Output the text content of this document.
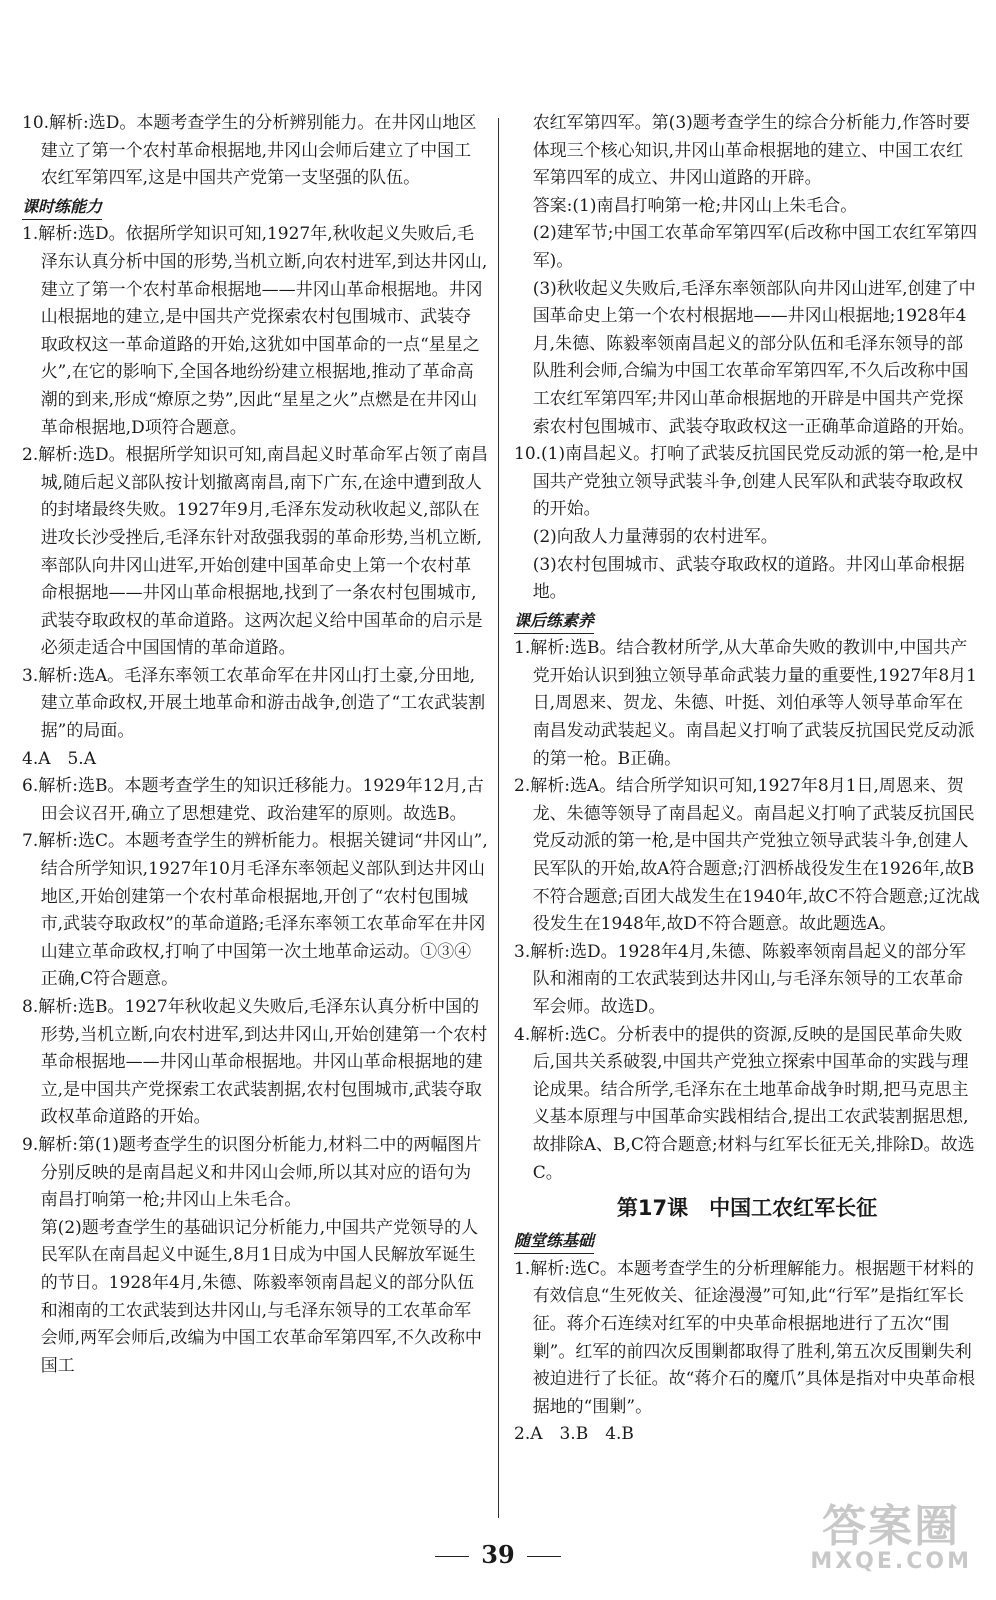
10.解析:选D。本题考查学生的分析辨别能力。在井冈山地区建立了第一个农村革命根据地,井冈山会师后建立了中国工农红军第四军,这是中国共产党第一支坚强的队伍。

课时练能力

1.解析:选D。依据所学知识可知,1927年,秋收起义失败后,毛泽东认真分析中国的形势,当机立断,向农村进军,到达井冈山,建立了第一个农村革命根据地——井冈山革命根据地。井冈山根据地的建立,是中国共产党探索农村包围城市、武装夺取政权这一革命道路的开始,这犹如中国革命的一点“星星之火”,在它的影响下,全国各地纷纷建立根据地,推动了革命高潮的到来,形成“燎原之势”,因此“星星之火”点燃是在井冈山革命根据地,D项符合题意。

2.解析:选D。根据所学知识可知,南昌起义时革命军占领了南昌城,随后起义部队按计划撤离南昌,南下广东,在途中遭到敌人的封堵最终失败。1927年9月,毛泽东发动秋收起义,部队在进攻长沙受挫后,毛泽东针对敌强我弱的革命形势,当机立断,率部队向井冈山进军,开始创建中国革命史上第一个农村革命根据地——井冈山革命根据地,找到了一条农村包围城市,武装夺取政权的革命道路。这两次起义给中国革命的启示是必须走适合中国国情的革命道路。

3.解析:选A。毛泽东率领工农革命军在井冈山打土豪,分田地,建立革命政权,开展土地革命和游击战争,创造了“工农武装割据”的局面。

4.A　5.A

6.解析:选B。本题考查学生的知识迁移能力。1929年12月,古田会议召开,确立了思想建党、政治建军的原则。故选B。

7.解析:选C。本题考查学生的辨析能力。根据关键词“井冈山”,结合所学知识,1927年10月毛泽东率领起义部队到达井冈山地区,开始创建第一个农村革命根据地,开创了“农村包围城市,武装夺取政权”的革命道路;毛泽东率领工农革命军在井冈山建立革命政权,打响了中国第一次土地革命运动。①③④正确,C符合题意。

8.解析:选B。1927年秋收起义失败后,毛泽东认真分析中国的形势,当机立断,向农村进军,到达井冈山,开始创建第一个农村革命根据地——井冈山革命根据地。井冈山革命根据地的建立,是中国共产党探索工农武装割据,农村包围城市,武装夺取政权革命道路的开始。

9.解析:第(1)题考查学生的识图分析能力,材料二中的两幅图片分别反映的是南昌起义和井冈山会师,所以其对应的语句为南昌打响第一枪;井冈山上朱毛合。

第(2)题考查学生的基础识记分析能力,中国共产党领导的人民军队在南昌起义中诞生,8月1日成为中国人民解放军诞生的节日。1928年4月,朱德、陈毅率领南昌起义的部分队伍和湘南的工农武装到达井冈山,与毛泽东领导的工农革命军会师,两军会师后,改编为中国工农革命军第四军,不久改称中国工

农红军第四军。第(3)题考查学生的综合分析能力,作答时要体现三个核心知识,井冈山革命根据地的建立、中国工农红军第四军的成立、井冈山道路的开辟。

答案:(1)南昌打响第一枪;井冈山上朱毛合。

(2)建军节;中国工农革命军第四军(后改称中国工农红军第四军)。

(3)秋收起义失败后,毛泽东率领部队向井冈山进军,创建了中国革命史上第一个农村根据地——井冈山根据地;1928年4月,朱德、陈毅率领南昌起义的部分队伍和毛泽东领导的部队胜利会师,合编为中国工农革命军第四军,不久后改称中国工农红军第四军;井冈山革命根据地的开辟是中国共产党探索农村包围城市、武装夺取政权这一正确革命道路的开始。

10.(1)南昌起义。打响了武装反抗国民党反动派的第一枪,是中国共产党独立领导武装斗争,创建人民军队和武装夺取政权的开始。

(2)向敌人力量薄弱的农村进军。

(3)农村包围城市、武装夺取政权的道路。井冈山革命根据地。

课后练素养

1.解析:选B。结合教材所学,从大革命失败的教训中,中国共产党开始认识到独立领导革命武装力量的重要性,1927年8月1日,周恩来、贺龙、朱德、叶挺、刘伯承等人领导革命军在南昌发动武装起义。南昌起义打响了武装反抗国民党反动派的第一枪。B正确。

2.解析:选A。结合所学知识可知,1927年8月1日,周恩来、贺龙、朱德等领导了南昌起义。南昌起义打响了武装反抗国民党反动派的第一枪,是中国共产党独立领导武装斗争,创建人民军队的开始,故A符合题意;汀泗桥战役发生在1926年,故B不符合题意;百团大战发生在1940年,故C不符合题意;辽沈战役发生在1948年,故D不符合题意。故此题选A。

3.解析:选D。1928年4月,朱德、陈毅率领南昌起义的部分军队和湘南的工农武装到达井冈山,与毛泽东领导的工农革命军会师。故选D。

4.解析:选C。分析表中的提供的资源,反映的是国民革命失败后,国共关系破裂,中国共产党独立探索中国革命的实践与理论成果。结合所学,毛泽东在土地革命战争时期,把马克思主义基本原理与中国革命实践相结合,提出工农武装割据思想,故排除A、B,C符合题意;材料与红军长征无关,排除D。故选C。

第17课　中国工农红军长征
随堂练基础

1.解析:选C。本题考查学生的分析理解能力。根据题干材料的有效信息“生死攸关、征途漫漫”可知,此“行军”是指红军长征。蒋介石连续对红军的中央革命根据地进行了五次“围剿”。红军的前四次反围剿都取得了胜利,第五次反围剿失利被迫进行了长征。故“蒋介石的魔爪”具体是指对中央革命根据地的“围剿”。

2.A　3.B　4.B

39
答案圈
MXQE.COM
